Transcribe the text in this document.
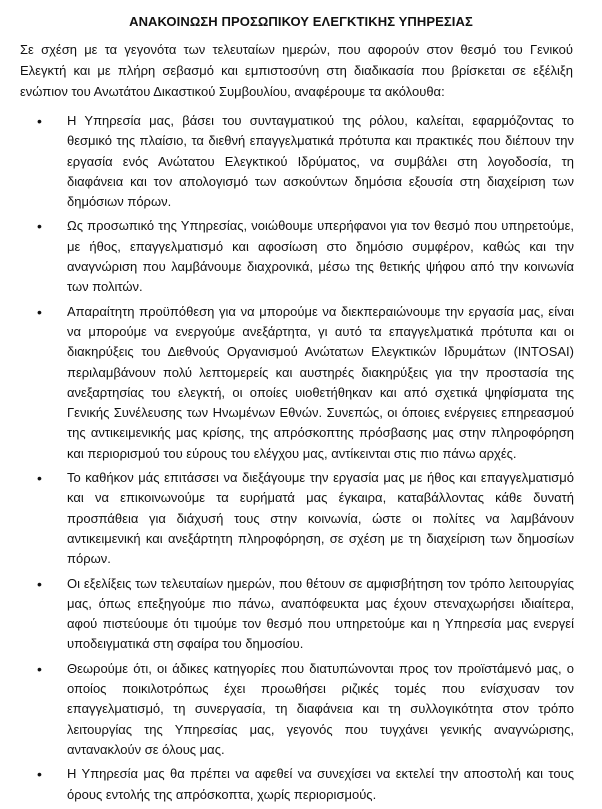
ΑΝΑΚΟΙΝΩΣΗ ΠΡΟΣΩΠΙΚΟΥ ΕΛΕΓΚΤΙΚΗΣ ΥΠΗΡΕΣΙΑΣ

Σε σχέση με τα γεγονότα των τελευταίων ημερών, που αφορούν στον θεσμό του Γενικού Ελεγκτή και με πλήρη σεβασμό και εμπιστοσύνη στη διαδικασία που βρίσκεται σε εξέλιξη ενώπιον του Ανωτάτου Δικαστικού Συμβουλίου, αναφέρουμε τα ακόλουθα:

•	Η Υπηρεσία μας, βάσει του συνταγματικού της ρόλου, καλείται, εφαρμόζοντας το θεσμικό της πλαίσιο, τα διεθνή επαγγελματικά πρότυπα και πρακτικές που διέπουν την εργασία ενός Ανώτατου Ελεγκτικού Ιδρύματος, να συμβάλει στη λογοδοσία, τη διαφάνεια και τον απολογισμό των ασκούντων δημόσια εξουσία στη διαχείριση των δημόσιων πόρων.
•	Ως προσωπικό της Υπηρεσίας, νοιώθουμε υπερήφανοι για τον θεσμό που υπηρετούμε, με ήθος, επαγγελματισμό και αφοσίωση στο δημόσιο συμφέρον, καθώς και την αναγνώριση που λαμβάνουμε διαχρονικά, μέσω της θετικής ψήφου από την κοινωνία των πολιτών.
•	Απαραίτητη προϋπόθεση για να μπορούμε να διεκπεραιώνουμε την εργασία μας, είναι να μπορούμε να ενεργούμε ανεξάρτητα, γι αυτό τα επαγγελματικά πρότυπα και οι διακηρύξεις του Διεθνούς Οργανισμού Ανώτατων Ελεγκτικών Ιδρυμάτων (INTOSAI) περιλαμβάνουν πολύ λεπτομερείς και αυστηρές διακηρύξεις για την προστασία της ανεξαρτησίας του ελεγκτή, οι οποίες υιοθετήθηκαν και από σχετικά ψηφίσματα της Γενικής Συνέλευσης των Ηνωμένων Εθνών. Συνεπώς, οι όποιες ενέργειες επηρεασμού της αντικειμενικής μας κρίσης, της απρόσκοπτης πρόσβασης μας στην πληροφόρηση και περιορισμού του εύρους του ελέγχου μας, αντίκεινται στις πιο πάνω αρχές.
•	Το καθήκον μάς επιτάσσει να διεξάγουμε την εργασία μας με ήθος και επαγγελματισμό και να επικοινωνούμε τα ευρήματά μας έγκαιρα, καταβάλλοντας κάθε δυνατή προσπάθεια για διάχυσή τους στην κοινωνία, ώστε οι πολίτες να λαμβάνουν αντικειμενική και ανεξάρτητη πληροφόρηση, σε σχέση με τη διαχείριση των δημοσίων πόρων.
•	Οι εξελίξεις των τελευταίων ημερών, που θέτουν σε αμφισβήτηση τον τρόπο λειτουργίας μας, όπως επεξηγούμε πιο πάνω, αναπόφευκτα μας έχουν στεναχωρήσει ιδιαίτερα, αφού πιστεύουμε ότι τιμούμε τον θεσμό που υπηρετούμε και η Υπηρεσία μας ενεργεί υποδειγματικά στη σφαίρα του δημοσίου.
•	Θεωρούμε ότι, οι άδικες κατηγορίες που διατυπώνονται προς τον προϊστάμενό μας, ο οποίος ποικιλοτρόπως έχει προωθήσει ριζικές τομές που ενίσχυσαν τον επαγγελματισμό, τη συνεργασία, τη διαφάνεια και τη συλλογικότητα στον τρόπο λειτουργίας της Υπηρεσίας μας, γεγονός που τυγχάνει γενικής αναγνώρισης, αντανακλούν σε όλους μας.
•	Η Υπηρεσία μας θα πρέπει να αφεθεί να συνεχίσει να εκτελεί την αποστολή και τους όρους εντολής της απρόσκοπτα, χωρίς περιορισμούς.
